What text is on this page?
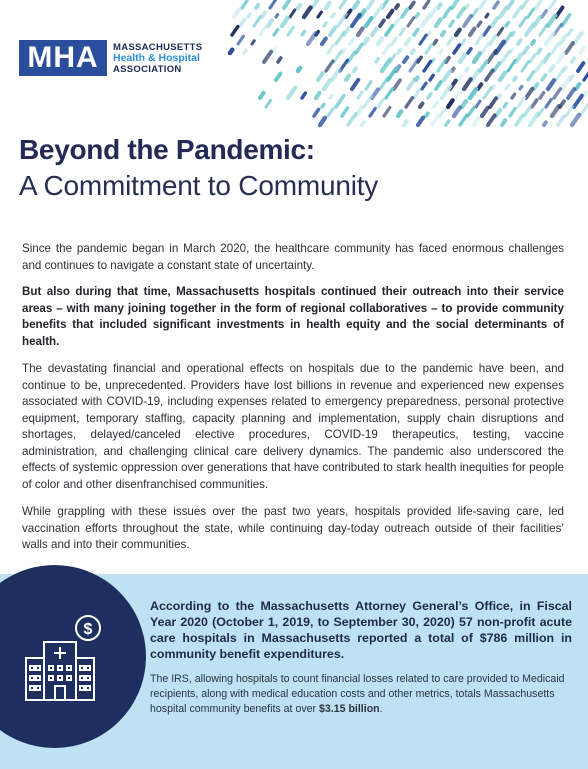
MHA	MASSACHUSETTS
Health & Hospital
ASSOCIATION
Beyond the Pandemic:
A Commitment to Community

Since the pandemic began in March 2020, the healthcare community has faced enormous challenges and continues to navigate a constant state of uncertainty.

But also during that time, Massachusetts hospitals continued their outreach into their service areas – with many joining together in the form of regional collaboratives – to provide community benefits that included significant investments in health equity and the social determinants of health.

The devastating financial and operational effects on hospitals due to the pandemic have been, and continue to be, unprecedented. Providers have lost billions in revenue and experienced new expenses associated with COVID-19, including expenses related to emergency preparedness, personal protective equipment, temporary staffing, capacity planning and implementation, supply chain disruptions and shortages, delayed/canceled elective procedures, COVID-19 therapeutics, testing, vaccine administration, and challenging clinical care delivery dynamics. The pandemic also underscored the effects of systemic oppression over generations that have contributed to stark health inequities for people of color and other disenfranchised communities.

While grappling with these issues over the past two years, hospitals provided life-saving care, led vaccination efforts throughout the state, while continuing day-today outreach outside of their facilities’ walls and into their communities.

$
According to the Massachusetts Attorney General’s Office, in Fiscal Year 2020 (October 1, 2019, to September 30, 2020) 57 non-profit acute care hospitals in Massachusetts reported a total of $786 million in community benefit expenditures.
The IRS, allowing hospitals to count financial losses related to care provided to Medicaid recipients, along with medical education costs and other metrics, totals Massachusetts hospital community benefits at over $3.15 billion.
